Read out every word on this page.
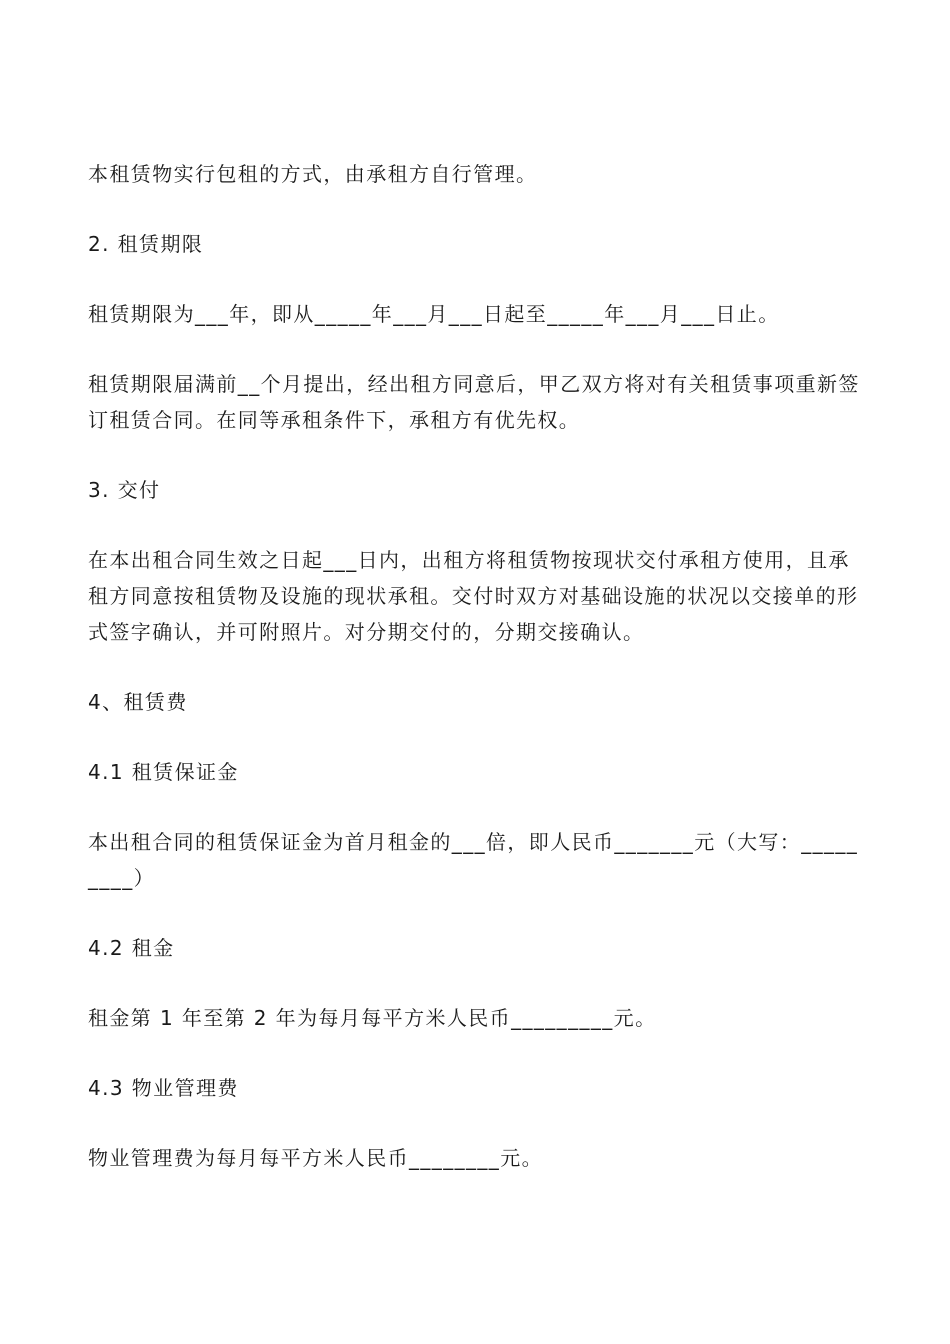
本租赁物实行包租的方式，由承租方自行管理。

2. 租赁期限

租赁期限为___年，即从_____年___月___日起至_____年___月___日止。

租赁期限届满前__个月提出，经出租方同意后，甲乙双方将对有关租赁事项重新签订租赁合同。在同等承租条件下，承租方有优先权。

3. 交付

在本出租合同生效之日起___日内，出租方将租赁物按现状交付承租方使用，且承租方同意按租赁物及设施的现状承租。交付时双方对基础设施的状况以交接单的形式签字确认，并可附照片。对分期交付的，分期交接确认。

4、租赁费

4.1 租赁保证金

本出租合同的租赁保证金为首月租金的___倍，即人民币_______元（大写：_________）

4.2 租金

租金第 1 年至第 2 年为每月每平方米人民币_________元。

4.3 物业管理费

物业管理费为每月每平方米人民币________元。
